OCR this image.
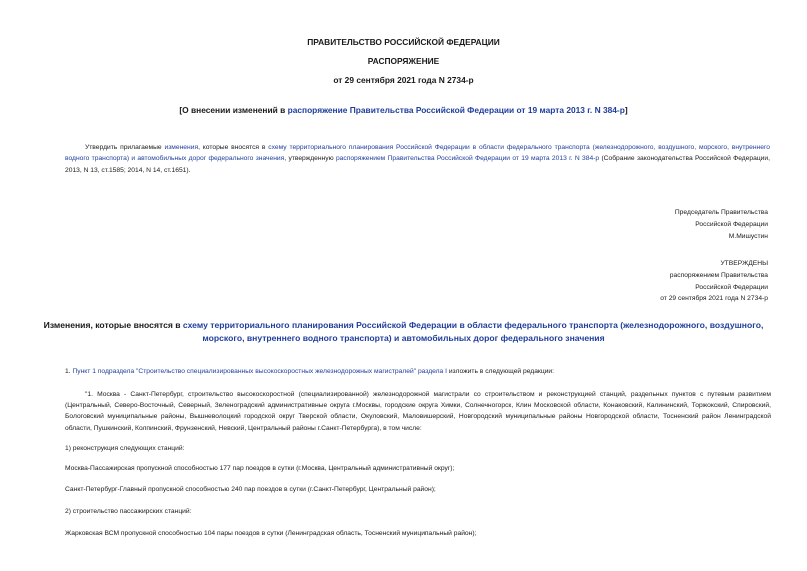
ПРАВИТЕЛЬСТВО РОССИЙСКОЙ ФЕДЕРАЦИИ
РАСПОРЯЖЕНИЕ
от 29 сентября 2021 года N 2734-р
[О внесении изменений в распоряжение Правительства Российской Федерации от 19 марта 2013 г. N 384-р]
Утвердить прилагаемые изменения, которые вносятся в схему территориального планирования Российской Федерации в области федерального транспорта (железнодорожного, воздушного, морского, внутреннего водного транспорта) и автомобильных дорог федерального значения, утвержденную распоряжением Правительства Российской Федерации от 19 марта 2013 г. N 384-р (Собрание законодательства Российской Федерации, 2013, N 13, ст.1585; 2014, N 14, ст.1651).
Председатель Правительства
Российской Федерации
М.Мишустин
УТВЕРЖДЕНЫ
распоряжением Правительства
Российской Федерации
от 29 сентября 2021 года N 2734-р
Изменения, которые вносятся в схему территориального планирования Российской Федерации в области федерального транспорта (железнодорожного, воздушного, морского, внутреннего водного транспорта) и автомобильных дорог федерального значения
1. Пункт 1 подраздела "Строительство специализированных высокоскоростных железнодорожных магистралей" раздела I изложить в следующей редакции:
"1. Москва - Санкт-Петербург, строительство высокоскоростной (специализированной) железнодорожной магистрали со строительством и реконструкцией станций, раздельных пунктов с путевым развитием (Центральный, Северо-Восточный, Северный, Зеленоградский административные округа г.Москвы, городские округа Химки, Солнечногорск, Клин Московской области, Конаковский, Калининский, Торжокский, Спировский, Бологовский муниципальные районы, Вышневолоцкий городской округ Тверской области, Окуловский, Маловишерский, Новгородский муниципальные районы Новгородской области, Тосненский район Ленинградской области, Пушкинский, Колпинский, Фрунзенский, Невский, Центральный районы г.Санкт-Петербурга), в том числе:
1) реконструкция следующих станций:
Москва-Пассажирская пропускной способностью 177 пар поездов в сутки (г.Москва, Центральный административный округ);
Санкт-Петербург-Главный пропускной способностью 240 пар поездов в сутки (г.Санкт-Петербург, Центральный район);
2) строительство пассажирских станций:
Жарковская ВСМ пропускной способностью 104 пары поездов в сутки (Ленинградская область, Тосненский муниципальный район);
